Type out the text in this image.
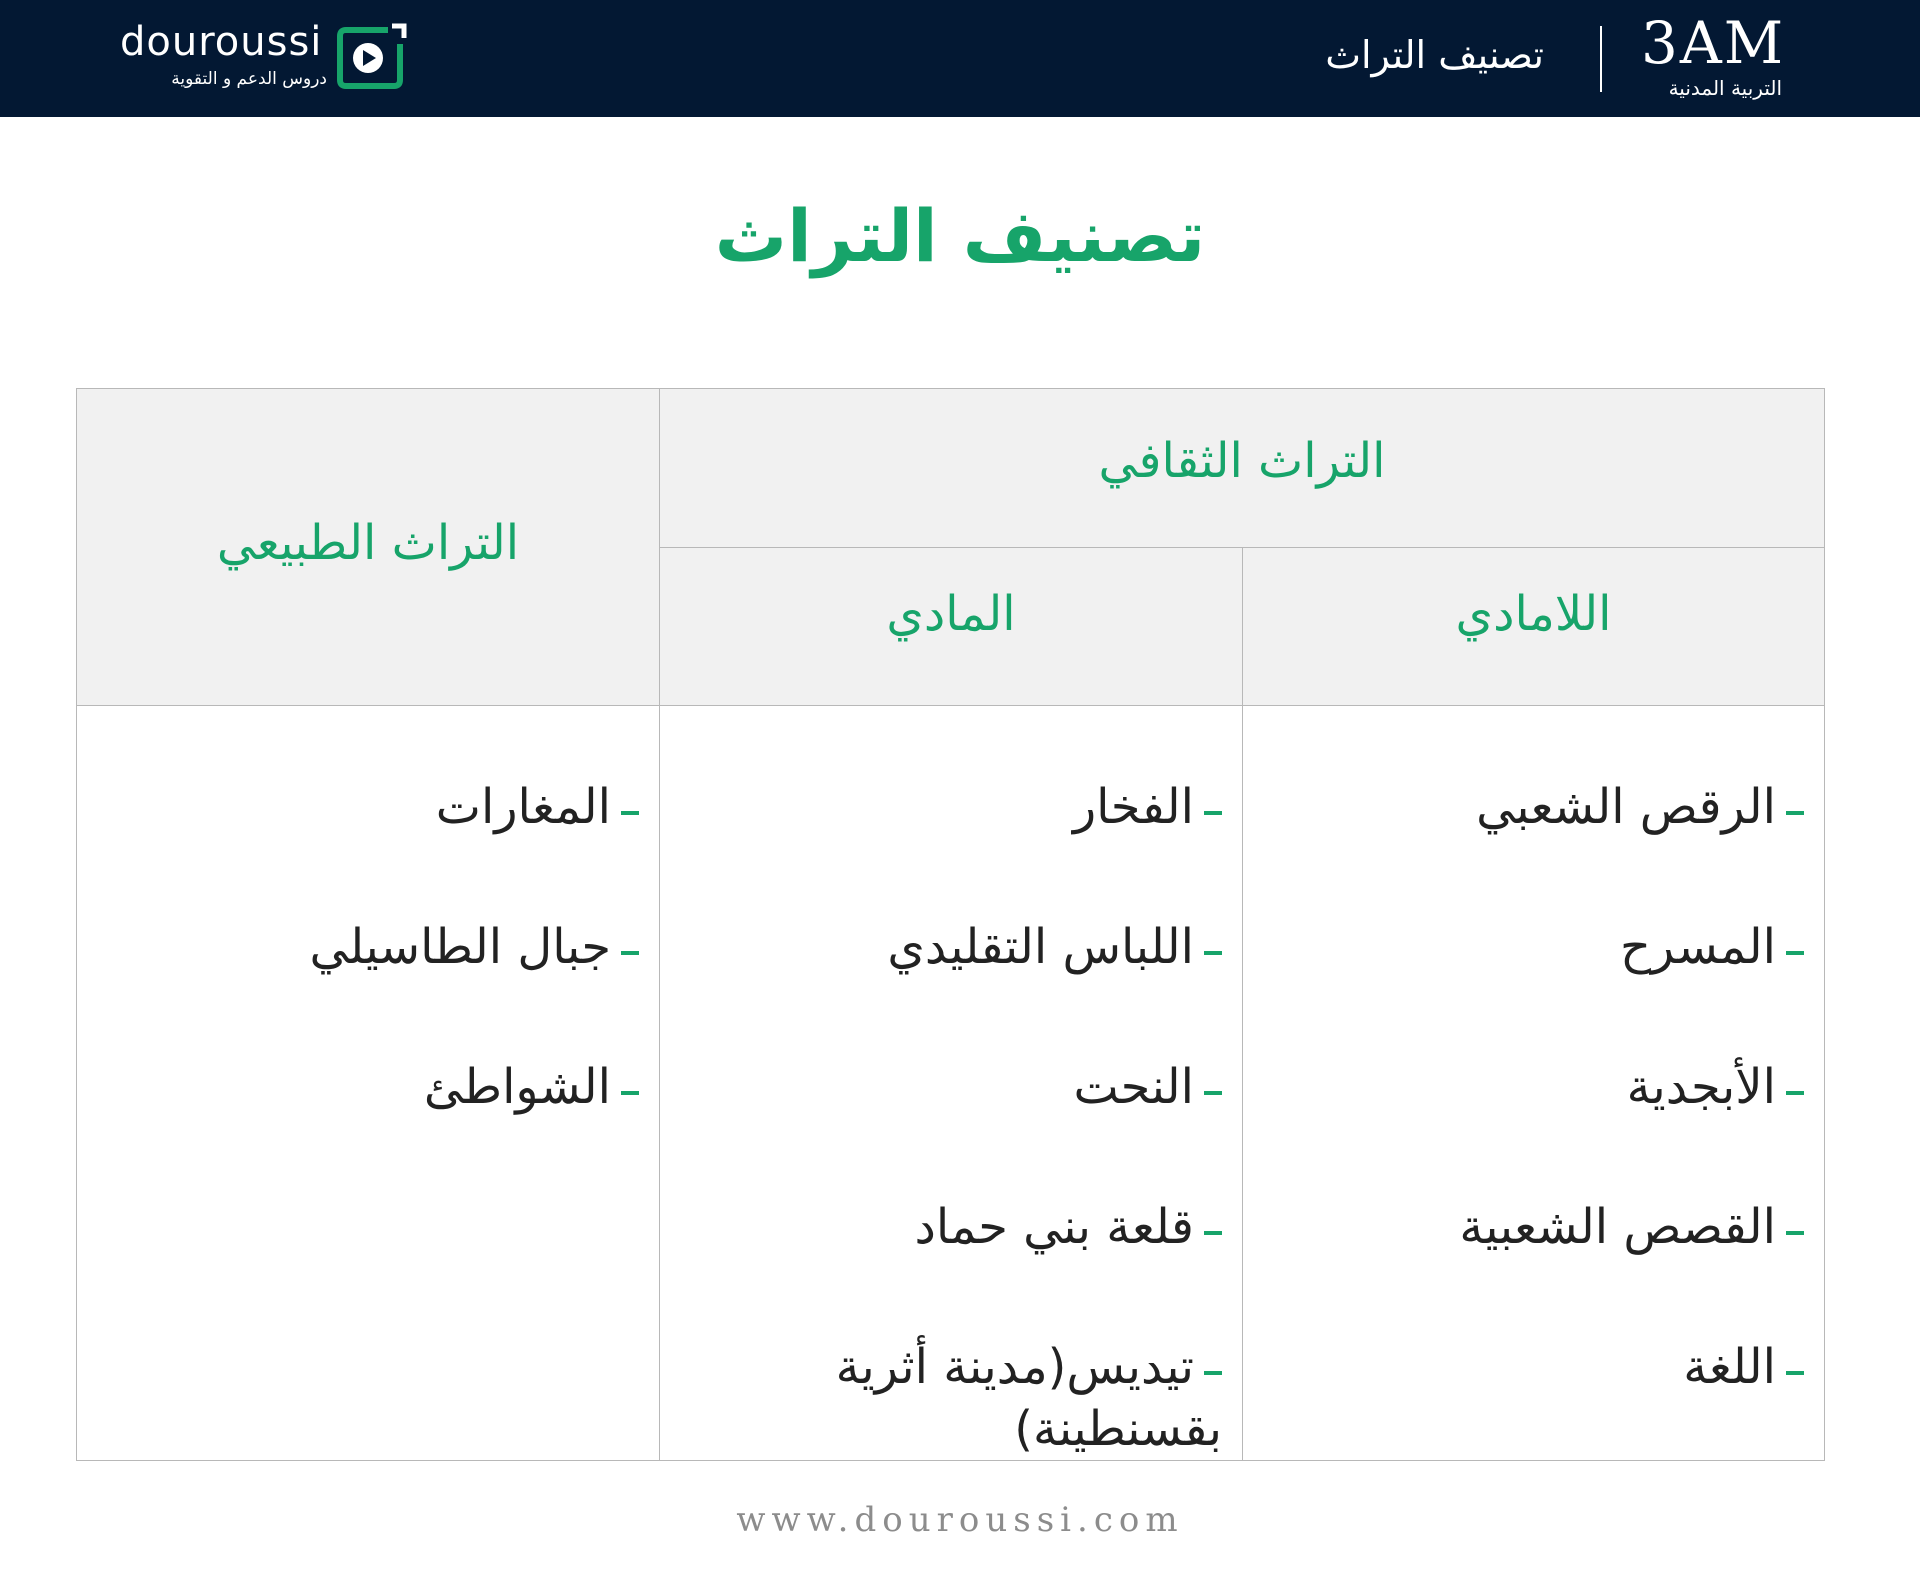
douroussi
دروس الدعم و التقوية
تصنيف التراث 3AM
التربية المدنية
تصنيف التراث
التراث الطبيعي
التراث الثقافي
المادي	اللامادي
المغارات
جبال الطاسيلي
الشواطئ
الفخار
اللباس التقليدي
النحت
قلعة بني حماد
تيديس(مدينة أثرية بقسنطينة)
الرقص الشعبي
المسرح
الأبجدية
القصص الشعبية
اللغة
www.douroussi.com
